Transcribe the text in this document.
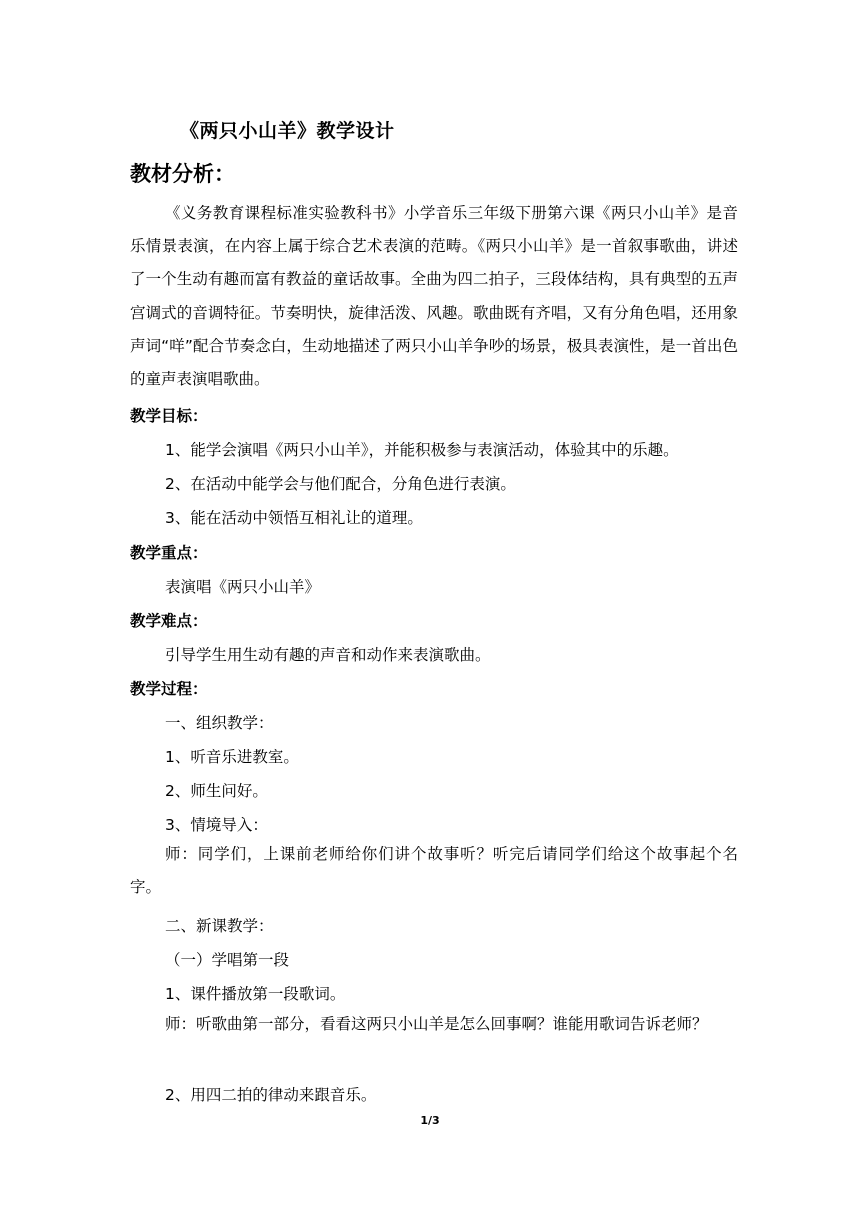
《两只小山羊》教学设计
教材分析：

《义务教育课程标准实验教科书》小学音乐三年级下册第六课《两只小山羊》是音乐情景表演，在内容上属于综合艺术表演的范畴。《两只小山羊》是一首叙事歌曲，讲述了一个生动有趣而富有教益的童话故事。全曲为四二拍子，三段体结构，具有典型的五声宫调式的音调特征。节奏明快，旋律活泼、风趣。歌曲既有齐唱，又有分角色唱，还用象声词“咩”配合节奏念白，生动地描述了两只小山羊争吵的场景，极具表演性，是一首出色的童声表演唱歌曲。

教学目标：
1、能学会演唱《两只小山羊》，并能积极参与表演活动，体验其中的乐趣。
2、在活动中能学会与他们配合，分角色进行表演。
3、能在活动中领悟互相礼让的道理。
教学重点：
表演唱《两只小山羊》
教学难点：
引导学生用生动有趣的声音和动作来表演歌曲。
教学过程：
一、组织教学：
1、听音乐进教室。
2、师生问好。
3、情境导入：

师：同学们，上课前老师给你们讲个故事听？听完后请同学们给这个故事起个名字。

二、新课教学：
（一）学唱第一段
1、课件播放第一段歌词。

师：听歌曲第一部分，看看这两只小山羊是怎么回事啊？谁能用歌词告诉老师？

2、用四二拍的律动来跟音乐。
1/3
